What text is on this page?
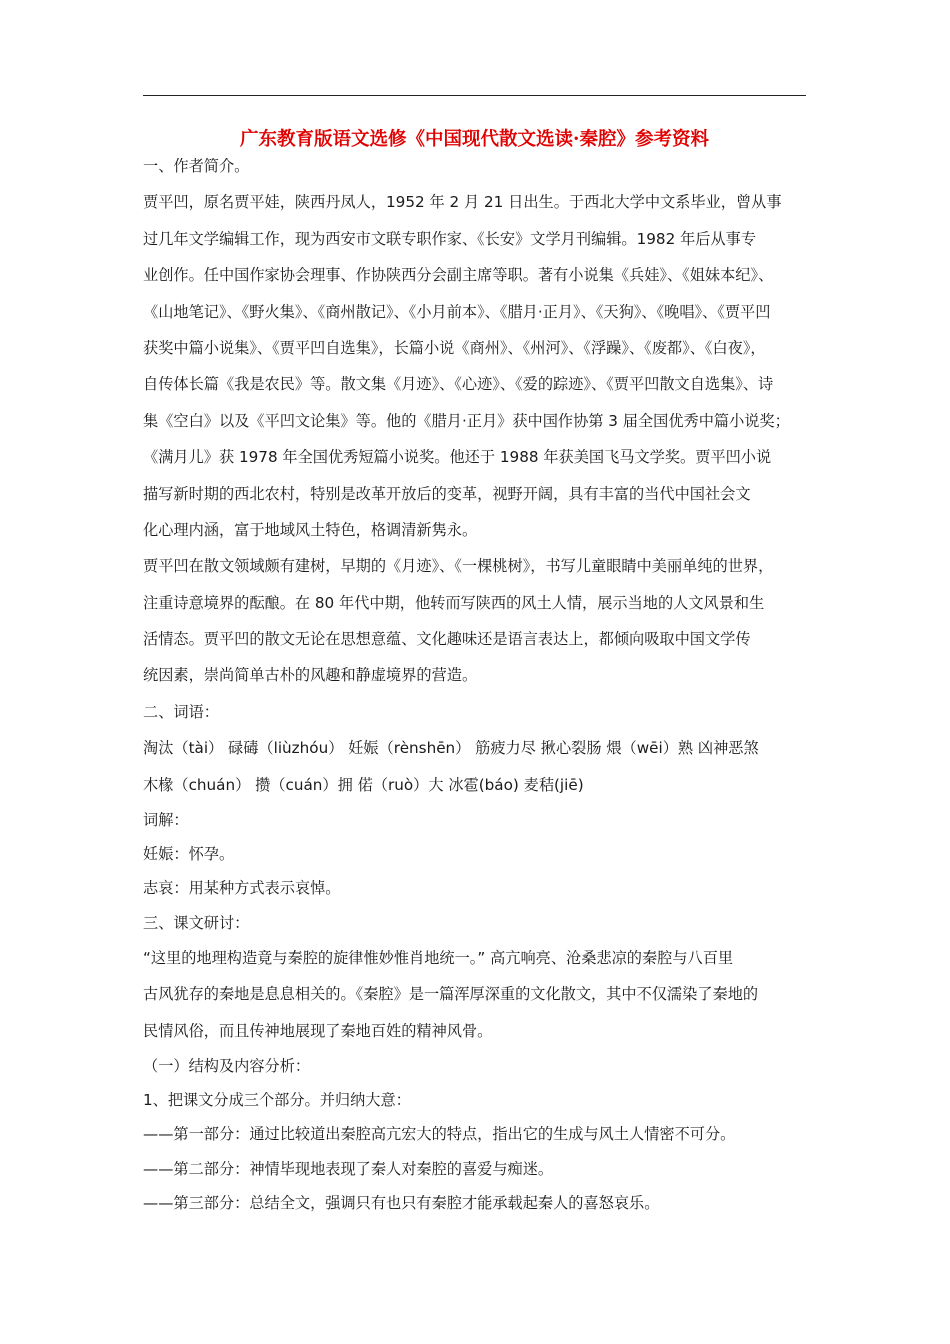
广东教育版语文选修《中国现代散文选读·秦腔》参考资料
一、作者简介。
贾平凹，原名贾平娃，陕西丹凤人，1952 年 2 月 21 日出生。于西北大学中文系毕业，曾从事
过几年文学编辑工作，现为西安市文联专职作家、《长安》文学月刊编辑。1982 年后从事专
业创作。任中国作家协会理事、作协陕西分会副主席等职。著有小说集《兵娃》、《姐妹本纪》、
《山地笔记》、《野火集》、《商州散记》、《小月前本》、《腊月·正月》、《天狗》、《晚唱》、《贾平凹
获奖中篇小说集》、《贾平凹自选集》，长篇小说《商州》、《州河》、《浮躁》、《废都》、《白夜》，
自传体长篇《我是农民》等。散文集《月迹》、《心迹》、《爱的踪迹》、《贾平凹散文自选集》、诗
集《空白》以及《平凹文论集》等。他的《腊月·正月》获中国作协第 3 届全国优秀中篇小说奖；
《满月儿》获 1978 年全国优秀短篇小说奖。他还于 1988 年获美国飞马文学奖。贾平凹小说
描写新时期的西北农村，特别是改革开放后的变革，视野开阔，具有丰富的当代中国社会文
化心理内涵，富于地域风土特色，格调清新隽永。
贾平凹在散文领域颇有建树，早期的《月迹》、《一棵桃树》，书写儿童眼睛中美丽单纯的世界，
注重诗意境界的酝酿。在 80 年代中期，他转而写陕西的风土人情，展示当地的人文风景和生
活情态。贾平凹的散文无论在思想意蕴、文化趣味还是语言表达上，都倾向吸取中国文学传
统因素，崇尚简单古朴的风趣和静虚境界的营造。
二、词语：
淘汰（tài） 碌碡（liùzhóu） 妊娠（rènshēn） 筋疲力尽 揪心裂肠 煨（wēi）熟 凶神恶煞
木椽（chuán） 攒（cuán）拥 偌（ruò）大 冰雹(báo) 麦秸(jiē)
词解：
妊娠：怀孕。
志哀：用某种方式表示哀悼。
三、课文研讨：
“这里的地理构造竟与秦腔的旋律惟妙惟肖地统一。” 高亢响亮、沧桑悲凉的秦腔与八百里
古风犹存的秦地是息息相关的。《秦腔》是一篇浑厚深重的文化散文，其中不仅濡染了秦地的
民情风俗，而且传神地展现了秦地百姓的精神风骨。
（一）结构及内容分析：
1、把课文分成三个部分。并归纳大意：
——第一部分：通过比较道出秦腔高亢宏大的特点，指出它的生成与风土人情密不可分。
——第二部分：神情毕现地表现了秦人对秦腔的喜爱与痴迷。
——第三部分：总结全文，强调只有也只有秦腔才能承载起秦人的喜怒哀乐。
